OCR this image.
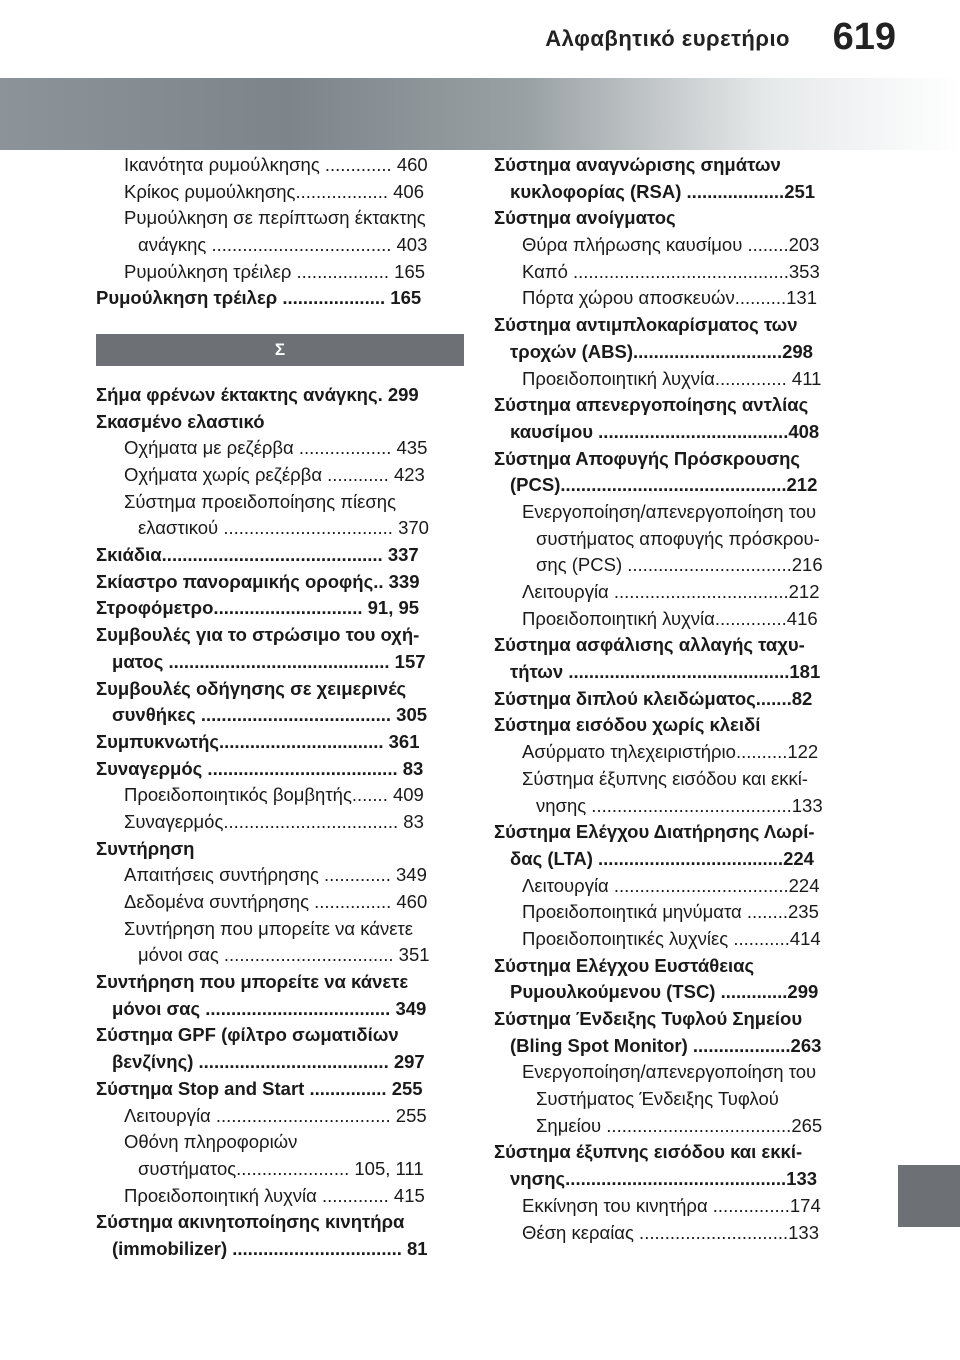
Αλφαβητικό ευρετήριο 619
Ικανότητα ρυμούλκησης ............. 460
Κρίκος ρυμούλκησης.................. 406
Ρυμούλκηση σε περίπτωση έκτακτης
ανάγκης ................................... 403
Ρυμούλκηση τρέιλερ .................. 165
Ρυμούλκηση τρέιλερ .................... 165
Σ
Σήμα φρένων έκτακτης ανάγκης. 299
Σκασμένο ελαστικό
Οχήματα με ρεζέρβα .................. 435
Οχήματα χωρίς ρεζέρβα ............ 423
Σύστημα προειδοποίησης πίεσης
ελαστικού ................................. 370
Σκιάδια........................................... 337
Σκίαστρο πανοραμικής οροφής.. 339
Στροφόμετρο............................. 91, 95
Συμβουλές για το στρώσιμο του οχή-
ματος ........................................... 157
Συμβουλές οδήγησης σε χειμερινές
συνθήκες ..................................... 305
Συμπυκνωτής................................ 361
Συναγερμός ..................................... 83
Προειδοποιητικός βομβητής....... 409
Συναγερμός.................................. 83
Συντήρηση
Απαιτήσεις συντήρησης ............. 349
Δεδομένα συντήρησης ............... 460
Συντήρηση που μπορείτε να κάνετε
μόνοι σας ................................. 351
Συντήρηση που μπορείτε να κάνετε
μόνοι σας .................................... 349
Σύστημα GPF (φίλτρο σωματιδίων
βενζίνης) ..................................... 297
Σύστημα Stop and Start ............... 255
Λειτουργία .................................. 255
Οθόνη πληροφοριών
συστήματος...................... 105, 111
Προειδοποιητική λυχνία ............. 415
Σύστημα ακινητοποίησης κινητήρα
(immobilizer) ................................. 81
Σύστημα αναγνώρισης σημάτων
κυκλοφορίας (RSA) ...................251
Σύστημα ανοίγματος
Θύρα πλήρωσης καυσίμου ........203
Καπό ..........................................353
Πόρτα χώρου αποσκευών..........131
Σύστημα αντιμπλοκαρίσματος των
τροχών (ABS).............................298
Προειδοποιητική λυχνία.............. 411
Σύστημα απενεργοποίησης αντλίας
καυσίμου .....................................408
Σύστημα Αποφυγής Πρόσκρουσης
(PCS)............................................212
Ενεργοποίηση/απενεργοποίηση του
συστήματος αποφυγής πρόσκρου-
σης (PCS) ................................216
Λειτουργία ..................................212
Προειδοποιητική λυχνία..............416
Σύστημα ασφάλισης αλλαγής ταχυ-
τήτων ...........................................181
Σύστημα διπλού κλειδώματος.......82
Σύστημα εισόδου χωρίς κλειδί
Ασύρματο τηλεχειριστήριο..........122
Σύστημα έξυπνης εισόδου και εκκί-
νησης .......................................133
Σύστημα Ελέγχου Διατήρησης Λωρί-
δας (LTA) ....................................224
Λειτουργία ..................................224
Προειδοποιητικά μηνύματα ........235
Προειδοποιητικές λυχνίες ...........414
Σύστημα Ελέγχου Ευστάθειας
Ρυμουλκούμενου (TSC) .............299
Σύστημα Ένδειξης Τυφλού Σημείου
(Bling Spot Monitor) ...................263
Ενεργοποίηση/απενεργοποίηση του
Συστήματος Ένδειξης Τυφλού
Σημείου ....................................265
Σύστημα έξυπνης εισόδου και εκκί-
νησης...........................................133
Εκκίνηση του κινητήρα ...............174
Θέση κεραίας .............................133
